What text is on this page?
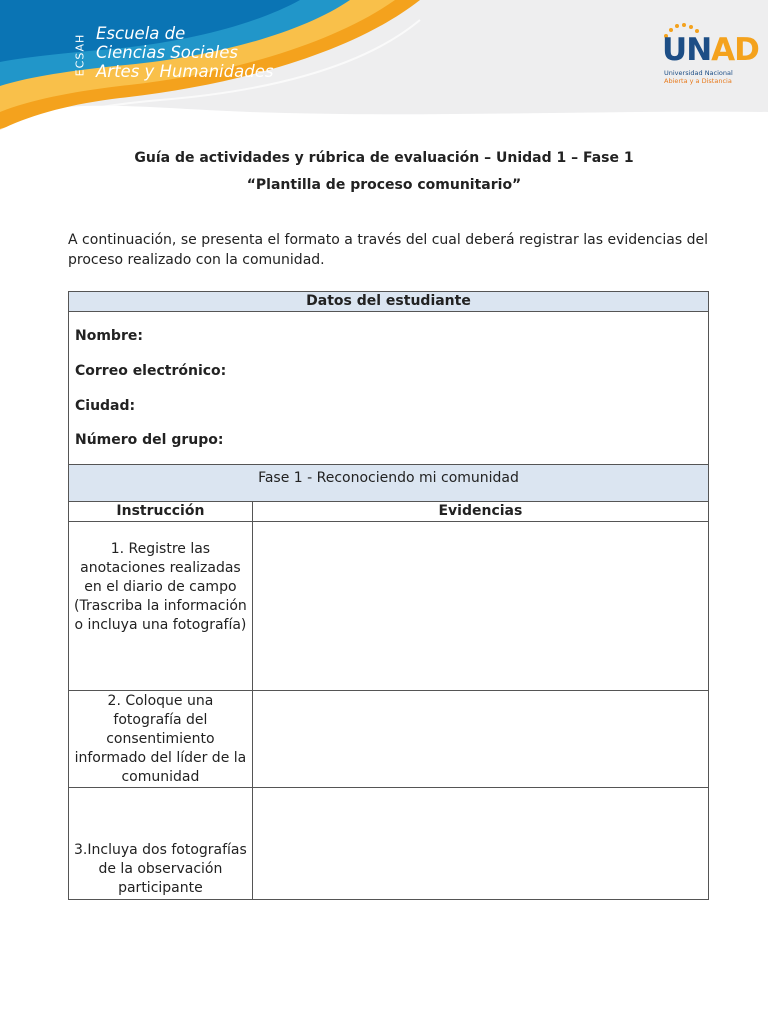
ECSAH
Escuela de
Ciencias Sociales
Artes y Humanidades
UNAD
Universidad Nacional
Abierta y a Distancia
Guía de actividades y rúbrica de evaluación – Unidad 1 – Fase 1
“Plantilla de proceso comunitario”
A continuación, se presenta el formato a través del cual deberá registrar las evidencias del proceso realizado con la comunidad.
Datos del estudiante	

Nombre:
Correo electrónico:
Ciudad:
Número del grupo:	

Fase 1 - Reconociendo mi comunidad	
Instrucción	Evidencias

1. Registre las anotaciones realizadas en el diario de campo (Trascriba la información o incluya una fotografía)	

2. Coloque una fotografía del consentimiento informado del líder de la comunidad	

3.Incluya dos fotografías de la observación participante	
